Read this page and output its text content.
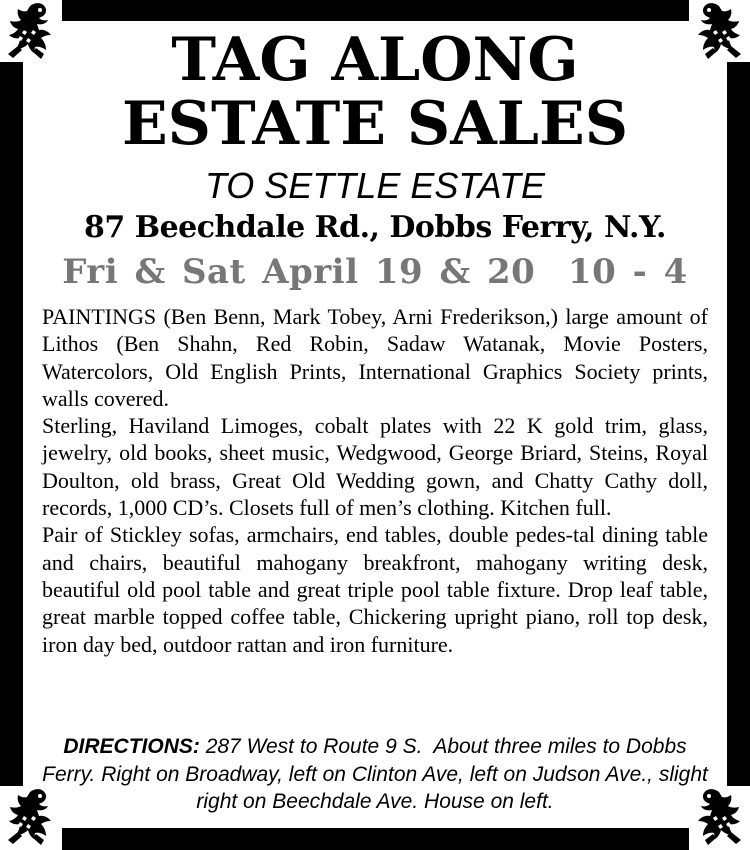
TAG ALONG
ESTATE SALES
TO SETTLE ESTATE
87 Beechdale Rd., Dobbs Ferry, N.Y.
Fri & Sat April 19 & 20  10 - 4

PAINTINGS (Ben Benn, Mark Tobey, Arni Frederikson,) large amount of Lithos (Ben Shahn, Red Robin, Sadaw Watanak, Movie Posters, Watercolors, Old English Prints, International Graphics Society prints, walls covered.

Sterling, Haviland Limoges, cobalt plates with 22 K gold trim, glass, jewelry, old books, sheet music, Wedgwood, George Briard, Steins, Royal Doulton, old brass, Great Old Wedding gown, and Chatty Cathy doll, records, 1,000 CD’s. Closets full of men’s clothing. Kitchen full.

Pair of Stickley sofas, armchairs, end tables, double pedes-tal dining table and chairs, beautiful mahogany breakfront, mahogany writing desk, beautiful old pool table and great triple pool table fixture. Drop leaf table, great marble topped coffee table, Chickering upright piano, roll top desk, iron day bed, outdoor rattan and iron furniture.

DIRECTIONS: 287 West to Route 9 S.  About three miles to Dobbs Ferry. Right on Broadway, left on Clinton Ave, left on Judson Ave., slight right on Beechdale Ave. House on left.
